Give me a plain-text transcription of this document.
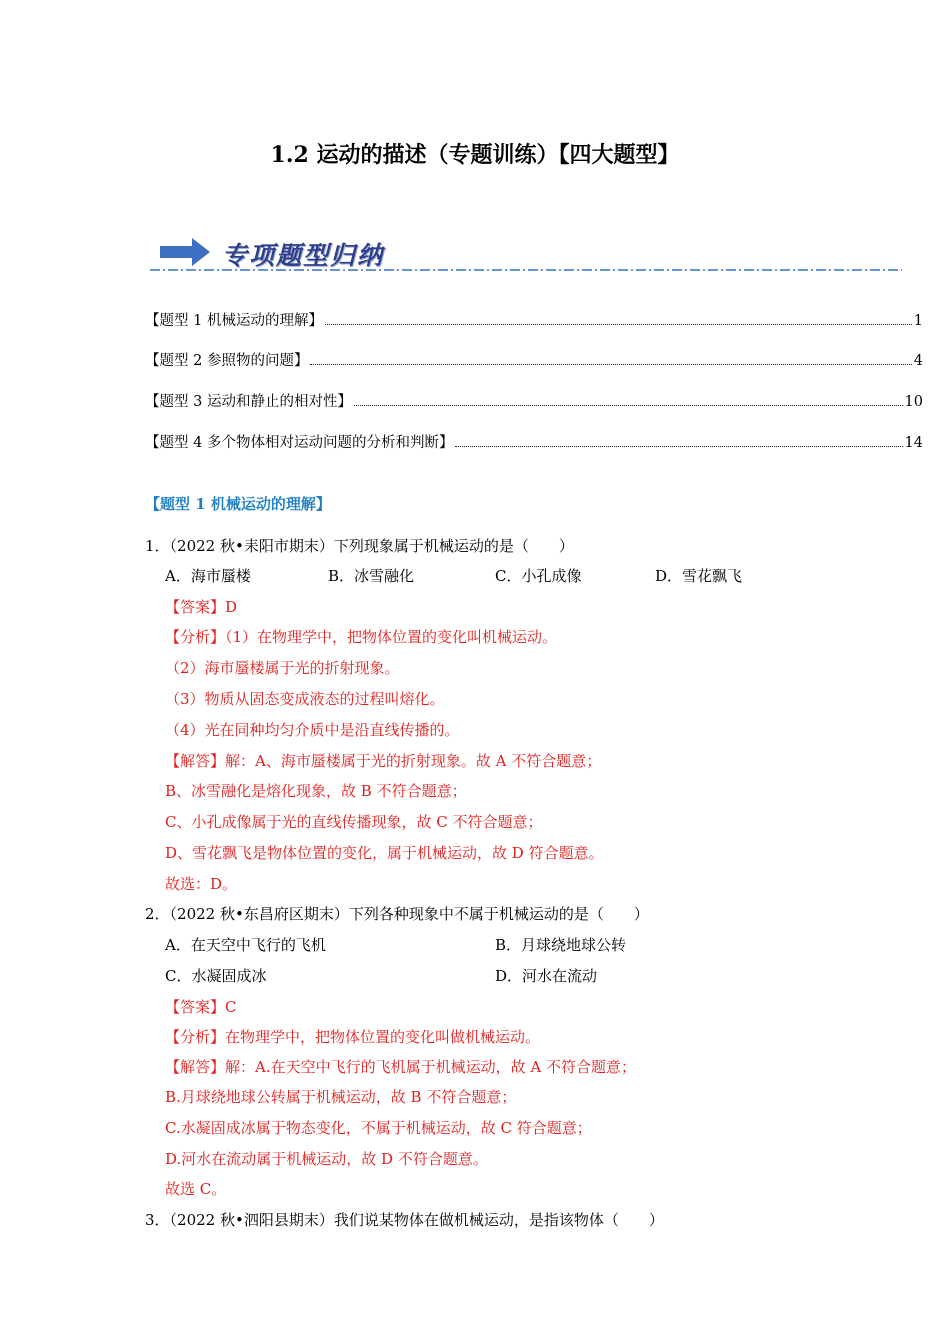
1.2 运动的描述（专题训练）【四大题型】
专项题型归纳
【题型 1 机械运动的理解】	1
【题型 2 参照物的问题】	4
【题型 3 运动和静止的相对性】	10
【题型 4 多个物体相对运动问题的分析和判断】	14
【题型 1 机械运动的理解】
1．（2022 秋•耒阳市期末）下列现象属于机械运动的是（　　）
A．海市蜃楼	B．冰雪融化	C．小孔成像	D．雪花飘飞
【答案】D
【分析】（1）在物理学中，把物体位置的变化叫机械运动。
（2）海市蜃楼属于光的折射现象。
（3）物质从固态变成液态的过程叫熔化。
（4）光在同种均匀介质中是沿直线传播的。
【解答】解：A、海市蜃楼属于光的折射现象。故 A 不符合题意；
B、冰雪融化是熔化现象，故 B 不符合题意；
C、小孔成像属于光的直线传播现象，故 C 不符合题意；
D、雪花飘飞是物体位置的变化，属于机械运动，故 D 符合题意。
故选：D。
2．（2022 秋•东昌府区期末）下列各种现象中不属于机械运动的是（　　）
A．在天空中飞行的飞机	B．月球绕地球公转
C．水凝固成冰	D．河水在流动
【答案】C
【分析】在物理学中，把物体位置的变化叫做机械运动。
【解答】解：A.在天空中飞行的飞机属于机械运动，故 A 不符合题意；
B.月球绕地球公转属于机械运动，故 B 不符合题意；
C.水凝固成冰属于物态变化，不属于机械运动，故 C 符合题意；
D.河水在流动属于机械运动，故 D 不符合题意。
故选 C。
3．（2022 秋•泗阳县期末）我们说某物体在做机械运动，是指该物体（　　）
